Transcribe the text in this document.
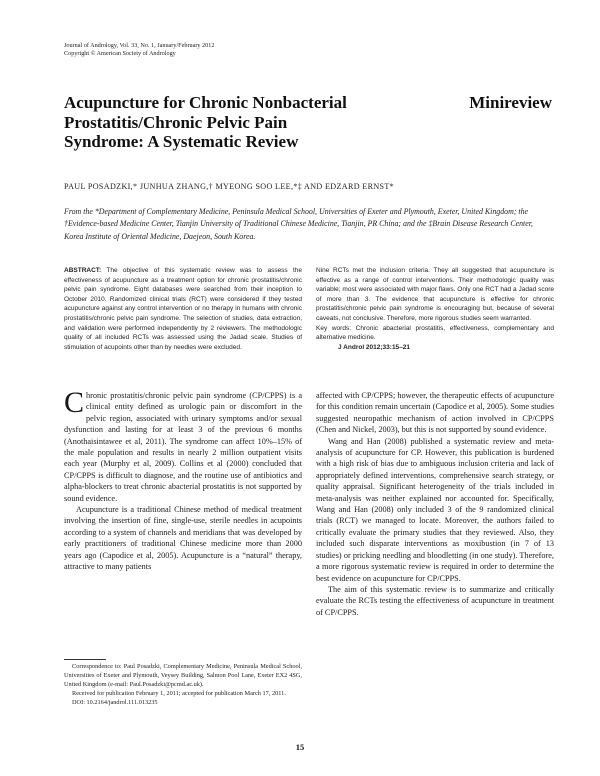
Journal of Andrology, Vol. 33, No. 1, January/February 2012
Copyright © American Society of Andrology
Acupuncture for Chronic Nonbacterial Prostatitis/Chronic Pelvic Pain Syndrome: A Systematic Review
Minireview
PAUL POSADZKI,* JUNHUA ZHANG,† MYEONG SOO LEE,*‡ AND EDZARD ERNST*
From the *Department of Complementary Medicine, Peninsula Medical School, Universities of Exeter and Plymouth, Exeter, United Kingdom; the †Evidence-based Medicine Center, Tianjin University of Traditional Chinese Medicine, Tianjin, PR China; and the ‡Brain Disease Research Center, Korea Institute of Oriental Medicine, Daejeon, South Korea.
ABSTRACT: The objective of this systematic review was to assess the effectiveness of acupuncture as a treatment option for chronic prostatitis/chronic pelvic pain syndrome. Eight databases were searched from their inception to October 2010. Randomized clinical trials (RCT) were considered if they tested acupuncture against any control intervention or no therapy in humans with chronic prostatitis/chronic pelvic pain syndrome. The selection of studies, data extraction, and validation were performed independently by 2 reviewers. The methodologic quality of all included RCTs was assessed using the Jadad scale. Studies of stimulation of acupoints other than by needles were excluded.
Nine RCTs met the inclusion criteria. They all suggested that acupuncture is effective as a range of control interventions. Their methodologic quality was variable; most were associated with major flaws. Only one RCT had a Jadad score of more than 3. The evidence that acupuncture is effective for chronic prostatitis/chronic pelvic pain syndrome is encouraging but, because of several caveats, not conclusive. Therefore, more rigorous studies seem warranted.
Key words: Chronic abacterial prostatitis, effectiveness, complementary and alternative medicine.
J Androl 2012;33:15–21

Chronic prostatitis/chronic pelvic pain syndrome (CP/CPPS) is a clinical entity defined as urologic pain or discomfort in the pelvic region, associated with urinary symptoms and/or sexual dysfunction and lasting for at least 3 of the previous 6 months (Anothaisintawee et al, 2011). The syndrome can affect 10%–15% of the male population and results in nearly 2 million outpatient visits each year (Murphy et al, 2009). Collins et al (2000) concluded that CP/CPPS is difficult to diagnose, and the routine use of antibiotics and alpha-blockers to treat chronic abacterial prostatitis is not supported by sound evidence.

Acupuncture is a traditional Chinese method of medical treatment involving the insertion of fine, single-use, sterile needles in acupoints according to a system of channels and meridians that was developed by early practitioners of traditional Chinese medicine more than 2000 years ago (Capodice et al, 2005). Acupuncture is a “natural” therapy, attractive to many patients

affected with CP/CPPS; however, the therapeutic effects of acupuncture for this condition remain uncertain (Capodice et al, 2005). Some studies suggested neuropathic mechanism of action involved in CP/CPPS (Chen and Nickel, 2003), but this is not supported by sound evidence.

Wang and Han (2008) published a systematic review and meta-analysis of acupuncture for CP. However, this publication is burdened with a high risk of bias due to ambiguous inclusion criteria and lack of appropriately defined interventions, comprehensive search strategy, or quality appraisal. Significant heterogeneity of the trials included in meta-analysis was neither explained nor accounted for. Specifically, Wang and Han (2008) only included 3 of the 9 randomized clinical trials (RCT) we managed to locate. Moreover, the authors failed to critically evaluate the primary studies that they reviewed. Also, they included such disparate interventions as moxibustion (in 7 of 13 studies) or pricking needling and bloodletting (in one study). Therefore, a more rigorous systematic review is required in order to determine the best evidence on acupuncture for CP/CPPS.

The aim of this systematic review is to summarize and critically evaluate the RCTs testing the effectiveness of acupuncture in treatment of CP/CPPS.

Correspondence to: Paul Posadzki, Complementary Medicine, Peninsula Medical School, Universities of Exeter and Plymouth, Veysey Building, Salmon Pool Lane, Exeter EX2 4SG, United Kingdom (e-mail: Paul.Posadzki@pcmd.ac.uk).

Received for publication February 1, 2011; accepted for publication March 17, 2011.

DOI: 10.2164/jandrol.111.013235

15
